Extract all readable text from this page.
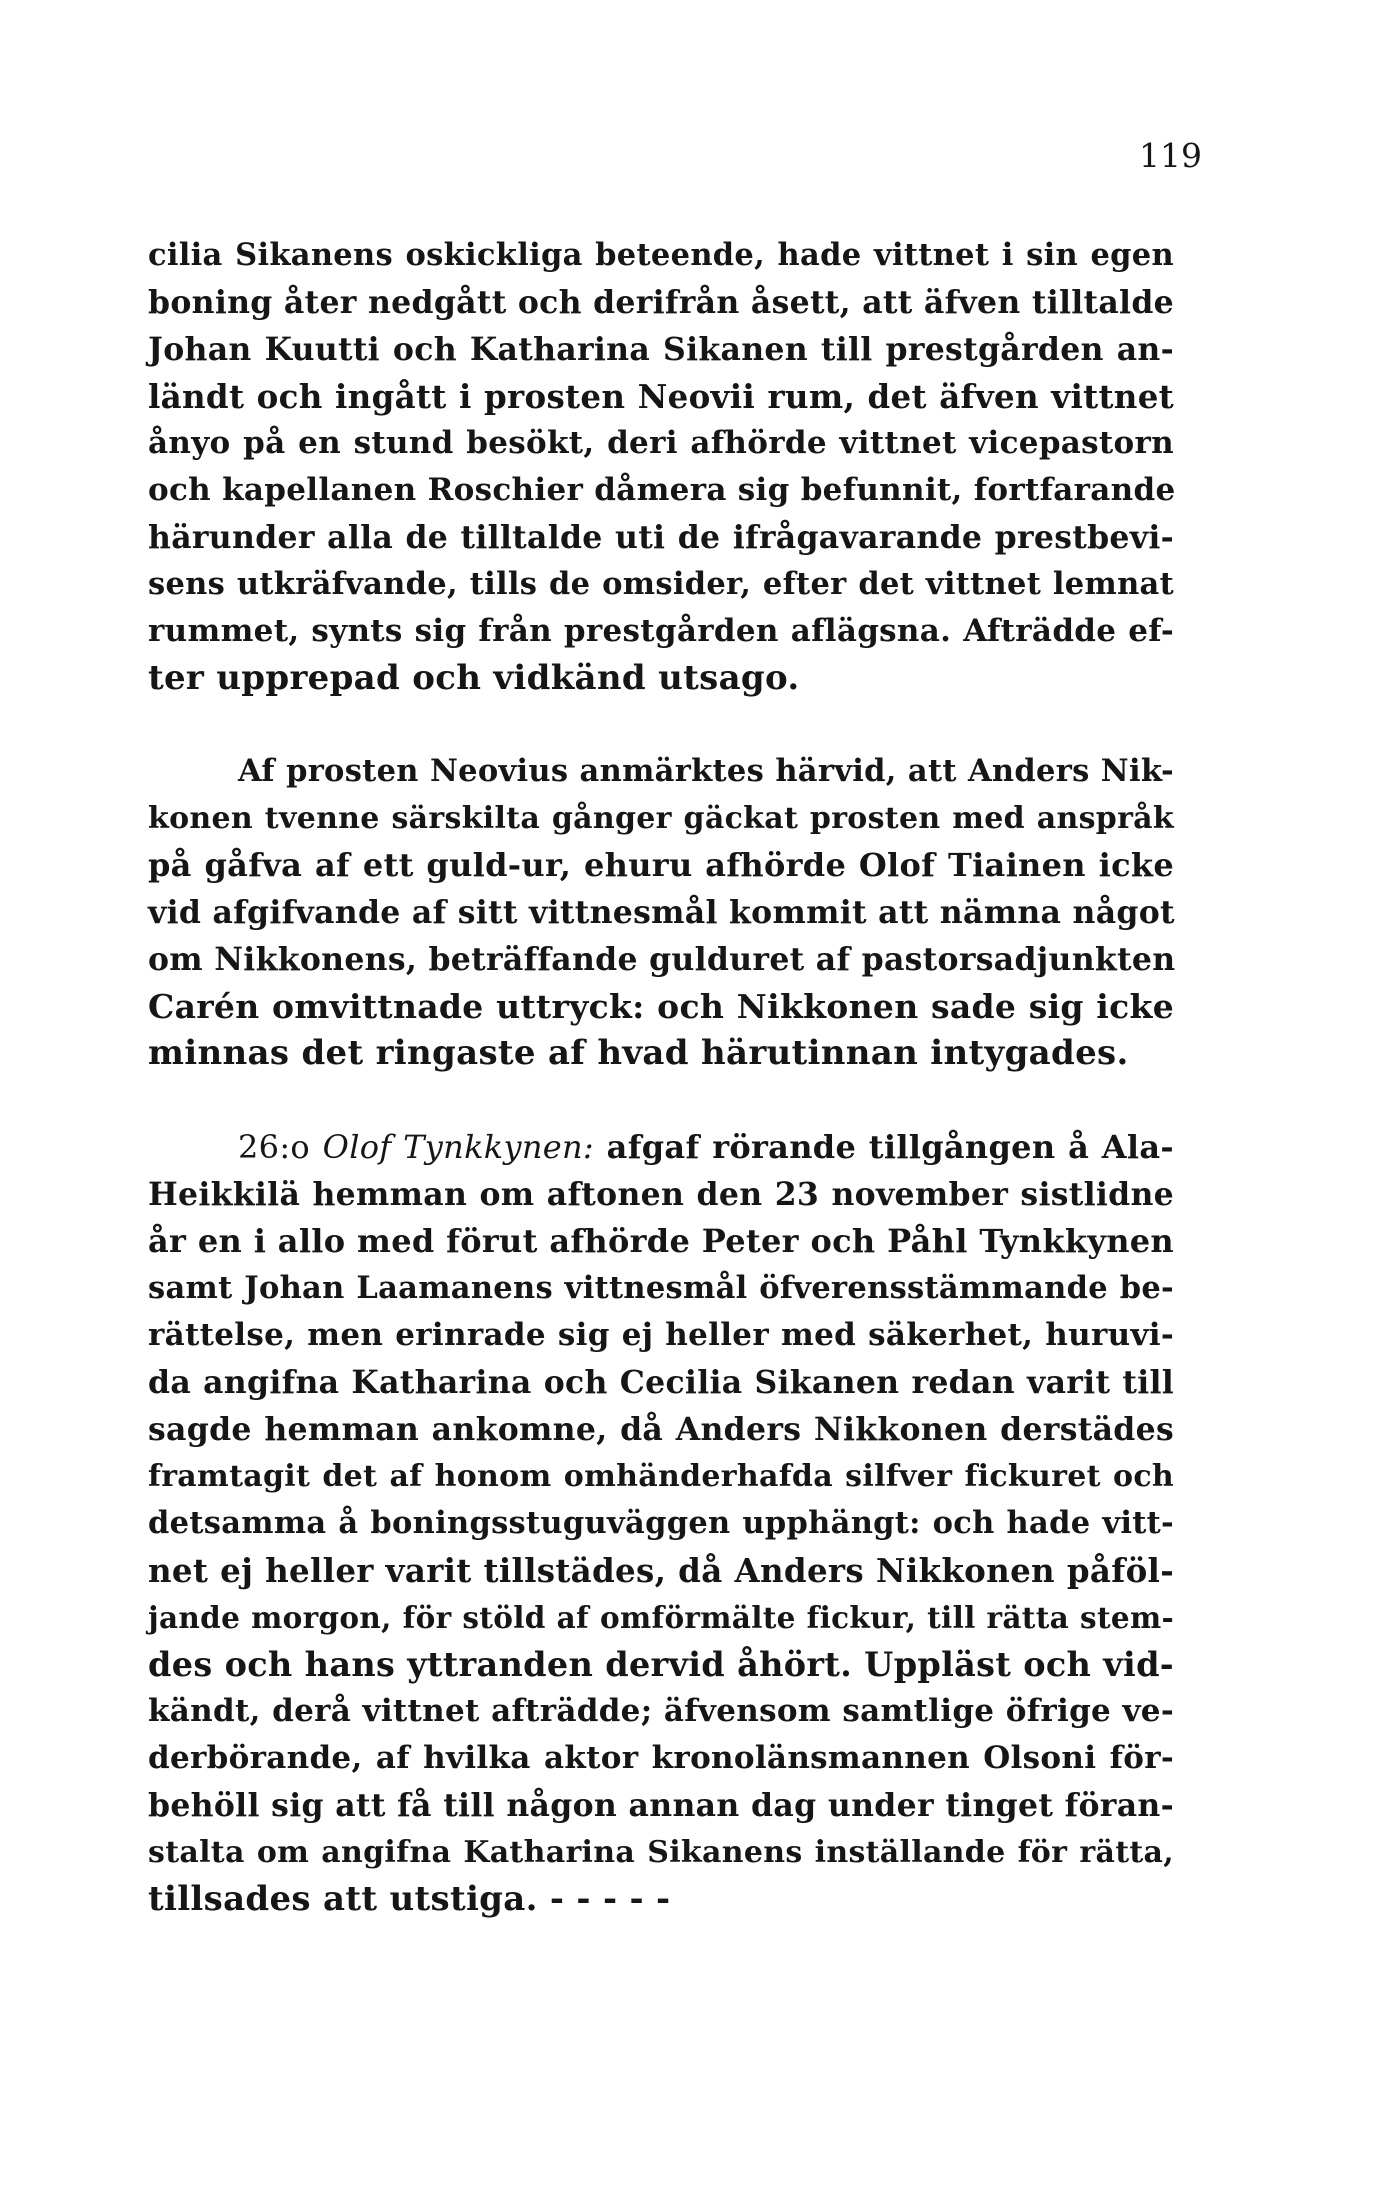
119
cilia Sikanens oskickliga beteende, hade vittnet i sin egen
boning åter nedgått och derifrån åsett, att äfven tilltalde
Johan Kuutti och Katharina Sikanen till prestgården an-
ländt och ingått i prosten Neovii rum, det äfven vittnet
ånyo på en stund besökt, deri afhörde vittnet vicepastorn
och kapellanen Roschier dåmera sig befunnit, fortfarande
härunder alla de tilltalde uti de ifrågavarande prestbevi-
sens utkräfvande, tills de omsider, efter det vittnet lemnat
rummet, synts sig från prestgården aflägsna. Afträdde ef-
ter upprepad och vidkänd utsago.
Af prosten Neovius anmärktes härvid, att Anders Nik-
konen tvenne särskilta gånger gäckat prosten med anspråk
på gåfva af ett guld-ur, ehuru afhörde Olof Tiainen icke
vid afgifvande af sitt vittnesmål kommit att nämna något
om Nikkonens, beträffande gulduret af pastorsadjunkten
Carén omvittnade uttryck: och Nikkonen sade sig icke
minnas det ringaste af hvad härutinnan intygades.
26:o Olof Tynkkynen: afgaf rörande tillgången å Ala-
Heikkilä hemman om aftonen den 23 november sistlidne
år en i allo med förut afhörde Peter och Påhl Tynkkynen
samt Johan Laamanens vittnesmål öfverensstämmande be-
rättelse, men erinrade sig ej heller med säkerhet, huruvi-
da angifna Katharina och Cecilia Sikanen redan varit till
sagde hemman ankomne, då Anders Nikkonen derstädes
framtagit det af honom omhänderhafda silfver fickuret och
detsamma å boningsstuguväggen upphängt: och hade vitt-
net ej heller varit tillstädes, då Anders Nikkonen påföl-
jande morgon, för stöld af omförmälte fickur, till rätta stem-
des och hans yttranden dervid åhört. Uppläst och vid-
kändt, derå vittnet afträdde; äfvensom samtlige öfrige ve-
derbörande, af hvilka aktor kronolänsmannen Olsoni för-
behöll sig att få till någon annan dag under tinget föran-
stalta om angifna Katharina Sikanens inställande för rätta,
tillsades att utstiga. - - - - -
